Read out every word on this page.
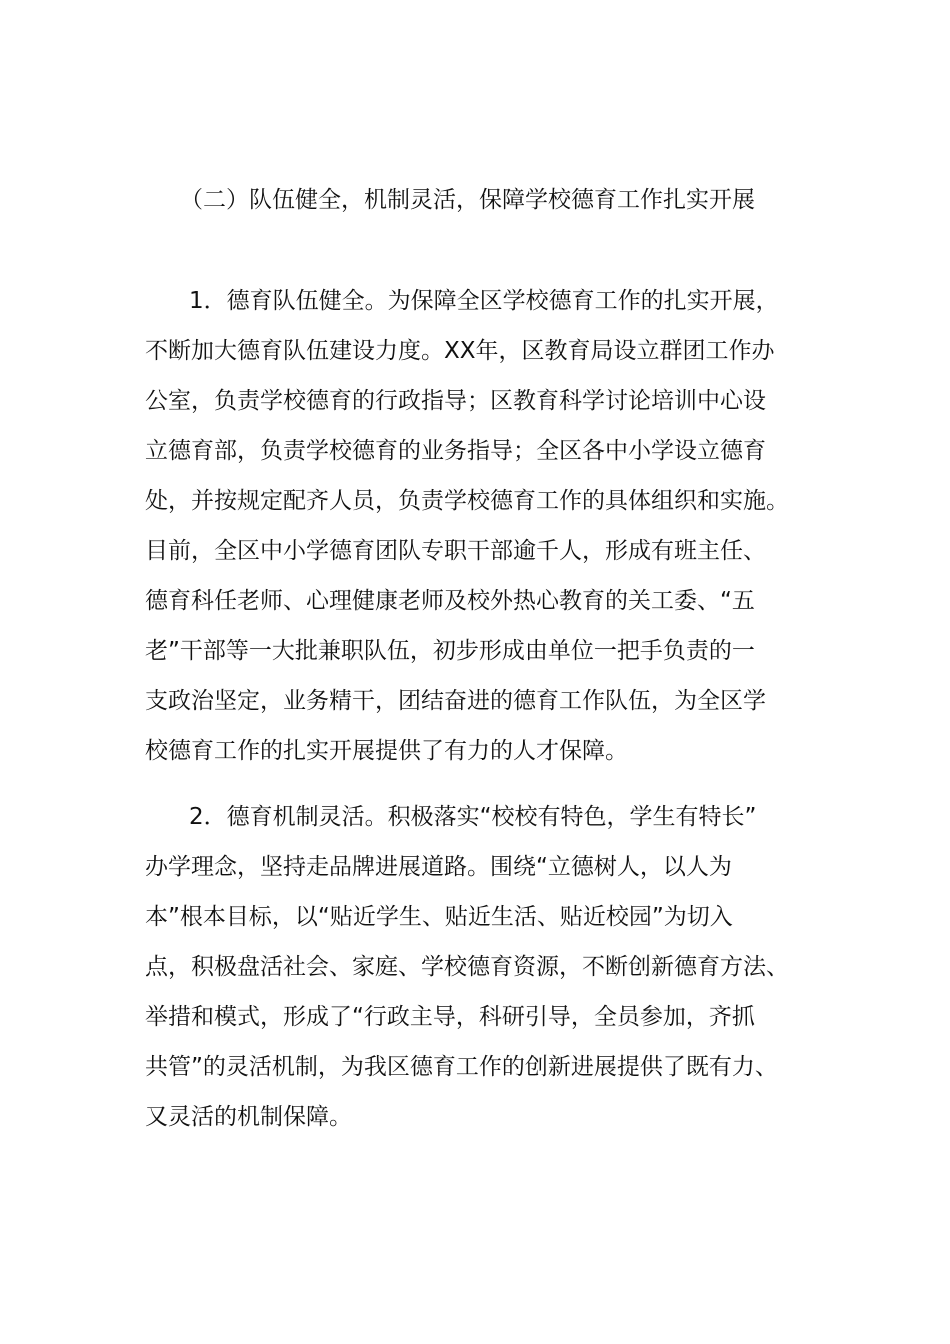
（二）队伍健全，机制灵活，保障学校德育工作扎实开展
1．德育队伍健全。为保障全区学校德育工作的扎实开展，
不断加大德育队伍建设力度。XX年，区教育局设立群团工作办
公室，负责学校德育的行政指导；区教育科学讨论培训中心设
立德育部，负责学校德育的业务指导；全区各中小学设立德育
处，并按规定配齐人员，负责学校德育工作的具体组织和实施。
目前，全区中小学德育团队专职干部逾千人，形成有班主任、
德育科任老师、心理健康老师及校外热心教育的关工委、“五
老”干部等一大批兼职队伍，初步形成由单位一把手负责的一
支政治坚定，业务精干，团结奋进的德育工作队伍，为全区学
校德育工作的扎实开展提供了有力的人才保障。
2．德育机制灵活。积极落实“校校有特色，学生有特长”
办学理念，坚持走品牌进展道路。围绕“立德树人，以人为
本”根本目标，以“贴近学生、贴近生活、贴近校园”为切入
点，积极盘活社会、家庭、学校德育资源，不断创新德育方法、
举措和模式，形成了“行政主导，科研引导，全员参加，齐抓
共管”的灵活机制，为我区德育工作的创新进展提供了既有力、
又灵活的机制保障。
